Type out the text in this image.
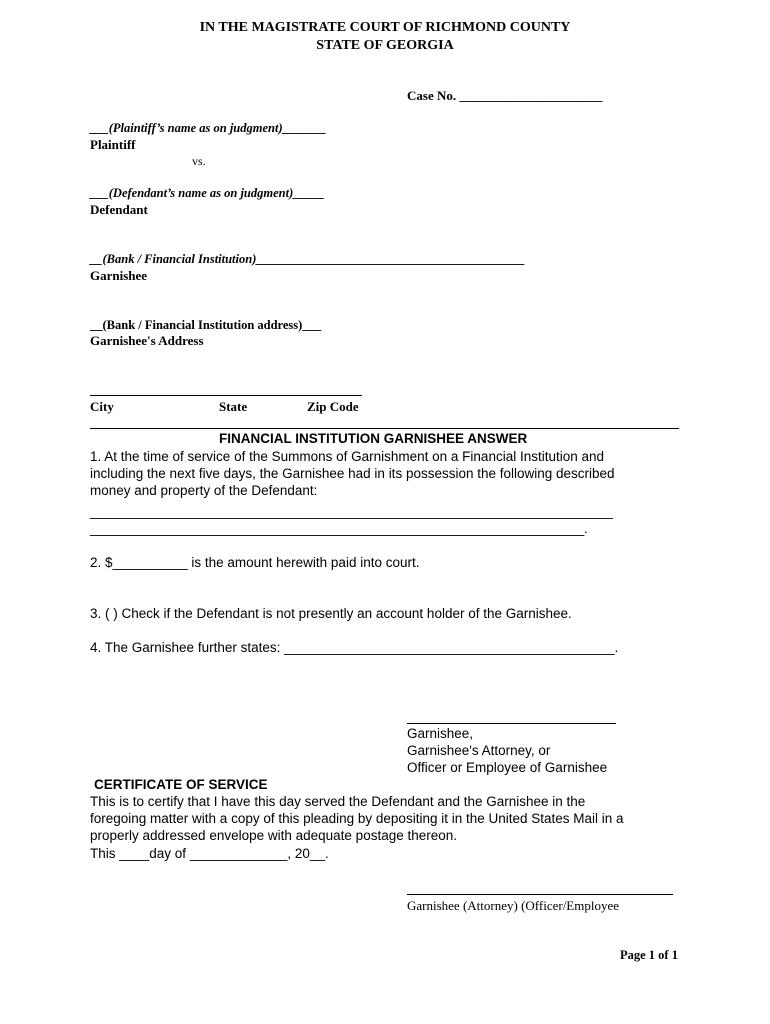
IN THE MAGISTRATE COURT OF RICHMOND COUNTY
STATE OF GEORGIA
Case No. ______________________
___(Plaintiff’s name as on judgment)_______
Plaintiff
vs.
___(Defendant’s name as on judgment)_____
Defendant
__(Bank / Financial Institution)___________________________________________
Garnishee
__(Bank / Financial Institution address)___
Garnishee's Address
City	State	Zip Code
FINANCIAL INSTITUTION GARNISHEE ANSWER
1. At the time of service of the Summons of Garnishment on a Financial Institution and
including the next five days, the Garnishee had in its possession the following described
money and property of the Defendant:
_________________________________________________________________________
_____________________________________________________________________.
2. $__________ is the amount herewith paid into court.
3. ( ) Check if the Defendant is not presently an account holder of the Garnishee.
4. The Garnishee further states: ____________________________________________.
Garnishee,
Garnishee's Attorney, or
Officer or Employee of Garnishee
CERTIFICATE OF SERVICE
This is to certify that I have this day served the Defendant and the Garnishee in the
foregoing matter with a copy of this pleading by depositing it in the United States Mail in a
properly addressed envelope with adequate postage thereon.
This ____day of _____________, 20__.
Garnishee (Attorney) (Officer/Employee
Page 1 of 1
